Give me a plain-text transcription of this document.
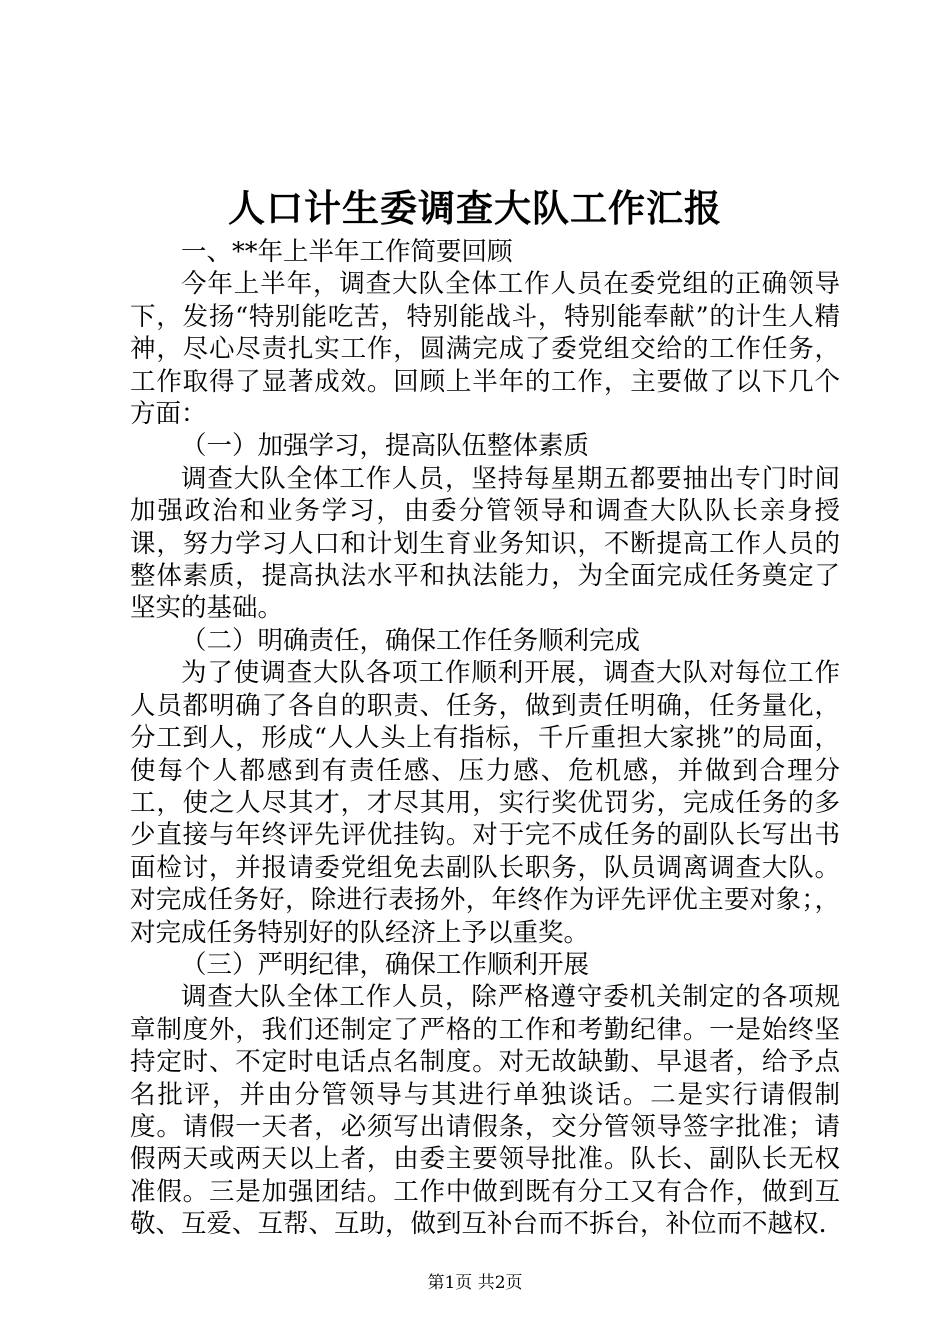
人口计生委调查大队工作汇报

一、**年上半年工作简要回顾

今年上半年，调查大队全体工作人员在委党组的正确领导下，发扬“特别能吃苦，特别能战斗，特别能奉献”的计生人精神，尽心尽责扎实工作，圆满完成了委党组交给的工作任务，工作取得了显著成效。回顾上半年的工作，主要做了以下几个方面：

（一）加强学习，提高队伍整体素质

调查大队全体工作人员，坚持每星期五都要抽出专门时间加强政治和业务学习，由委分管领导和调查大队队长亲身授课，努力学习人口和计划生育业务知识，不断提高工作人员的整体素质，提高执法水平和执法能力，为全面完成任务奠定了坚实的基础。

（二）明确责任，确保工作任务顺利完成

为了使调查大队各项工作顺利开展，调查大队对每位工作人员都明确了各自的职责、任务，做到责任明确，任务量化，分工到人，形成“人人头上有指标，千斤重担大家挑”的局面，使每个人都感到有责任感、压力感、危机感，并做到合理分工，使之人尽其才，才尽其用，实行奖优罚劣，完成任务的多少直接与年终评先评优挂钩。对于完不成任务的副队长写出书面检讨，并报请委党组免去副队长职务，队员调离调查大队。对完成任务好，除进行表扬外，年终作为评先评优主要对象；，对完成任务特别好的队经济上予以重奖。

（三）严明纪律，确保工作顺利开展

调查大队全体工作人员，除严格遵守委机关制定的各项规章制度外，我们还制定了严格的工作和考勤纪律。一是始终坚持定时、不定时电话点名制度。对无故缺勤、早退者，给予点名批评，并由分管领导与其进行单独谈话。二是实行请假制度。请假一天者，必须写出请假条，交分管领导签字批准；请假两天或两天以上者，由委主要领导批准。队长、副队长无权准假。三是加强团结。工作中做到既有分工又有合作，做到互敬、互爱、互帮、互助，做到互补台而不拆台，补位而不越权.

第1页 共2页
